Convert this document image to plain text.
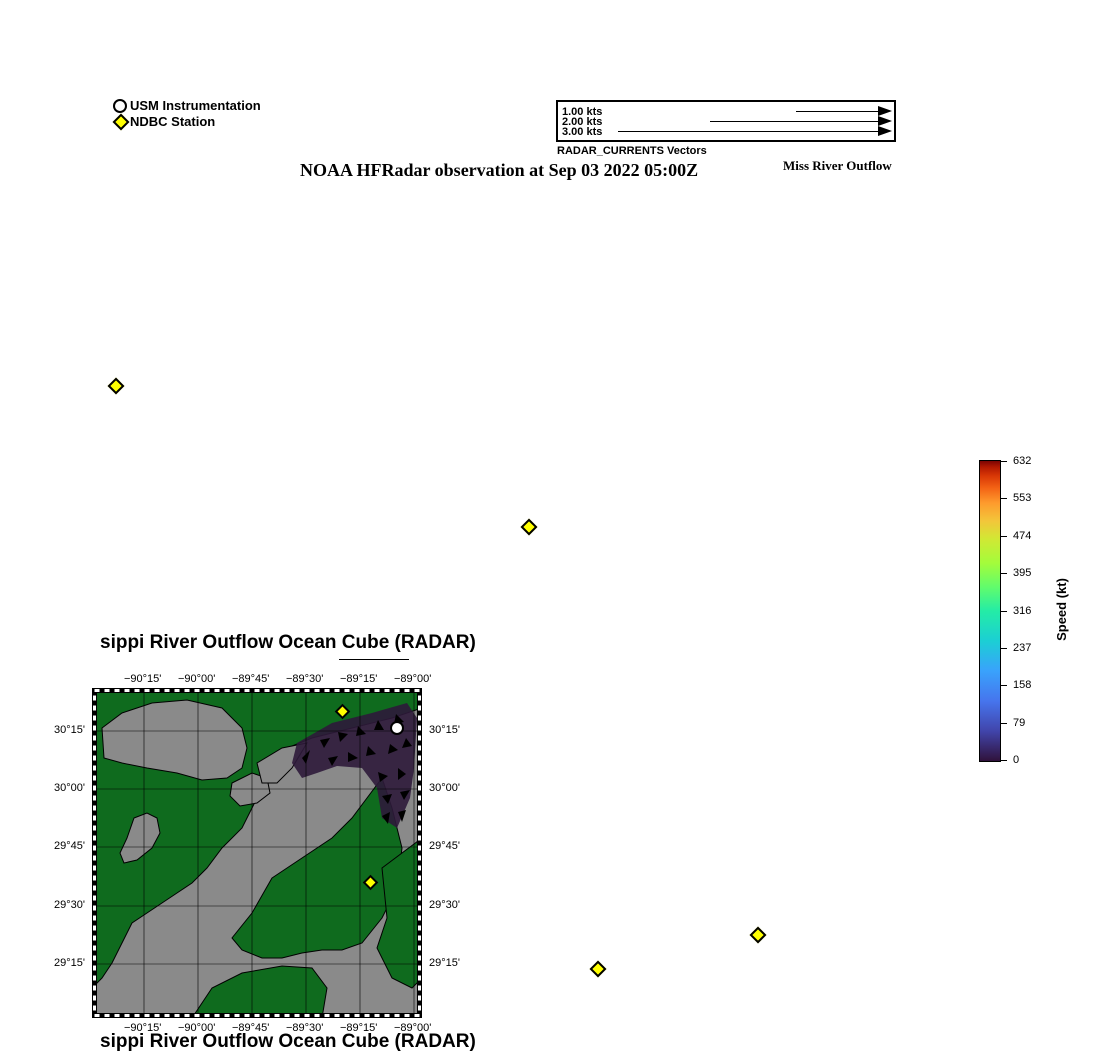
USM Instrumentation
NDBC Station
1.00 kts
2.00 kts
3.00 kts
RADAR_CURRENTS Vectors
NOAA HFRadar observation at Sep 03 2022 05:00Z	Miss River Outflow
632
553
474
395
316
237
158
79
0
Speed (kt)
sippi River Outflow Ocean Cube (RADAR)
sippi River Outflow Ocean Cube (RADAR)
−90°15'
−90°15'
−90°00'
−90°00'
−89°45'
−89°45'
−89°30'
−89°30'
−89°15'
−89°15'
−89°00'
−89°00'
30°15'	30°15'
30°00'	30°00'
29°45'	29°45'
29°30'	29°30'
29°15'	29°15'
